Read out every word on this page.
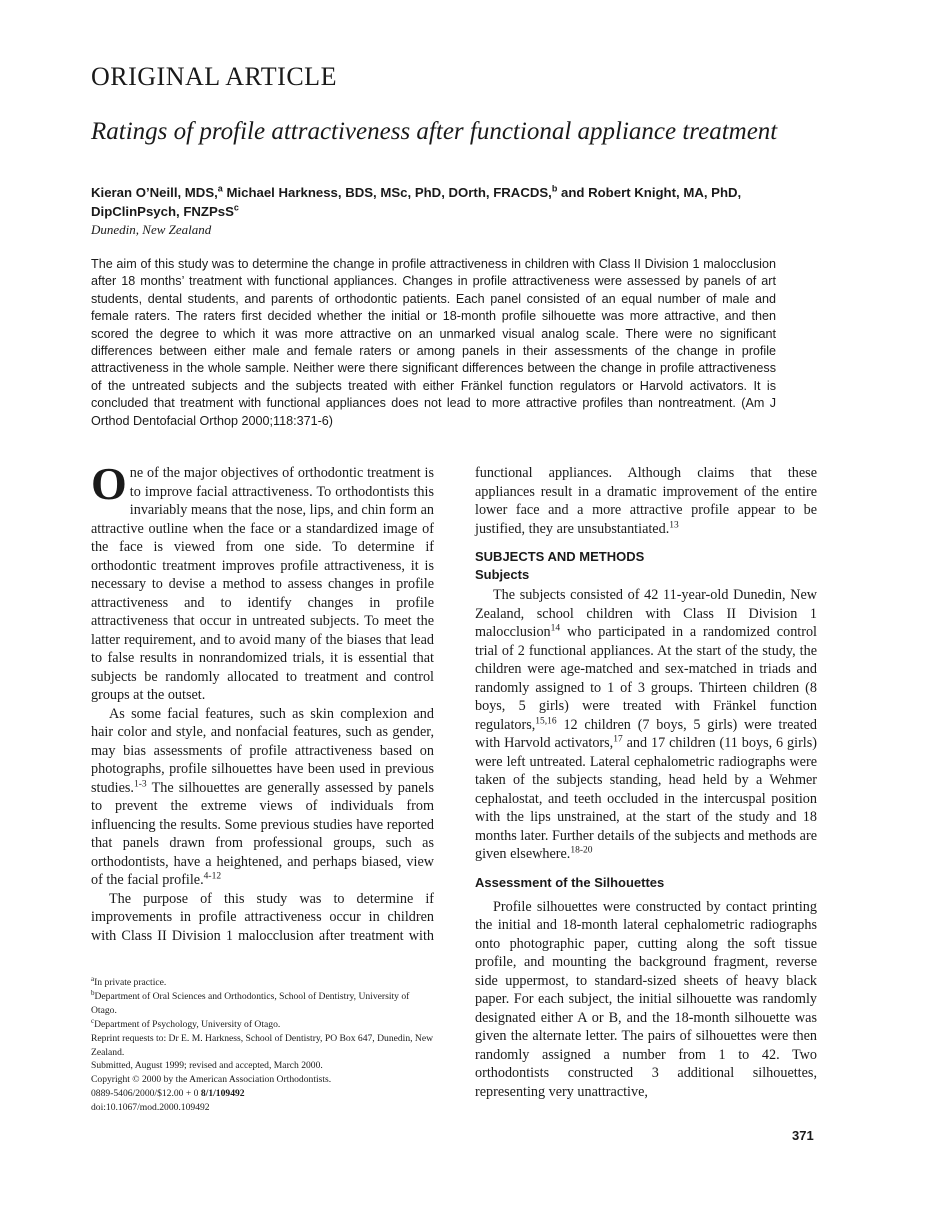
ORIGINAL ARTICLE
Ratings of profile attractiveness after functional appliance treatment
Kieran O’Neill, MDS,$^a$ Michael Harkness, BDS, MSc, PhD, DOrth, FRACDS,$^b$ and Robert Knight, MA, PhD,
DipClinPsych, FNZPsS$^c$
Dunedin, New Zealand
The aim of this study was to determine the change in profile attractiveness in children with Class II Division 1 malocclusion after 18 months’ treatment with functional appliances. Changes in profile attractiveness were assessed by panels of art students, dental students, and parents of orthodontic patients. Each panel consisted of an equal number of male and female raters. The raters first decided whether the initial or 18-month profile silhouette was more attractive, and then scored the degree to which it was more attractive on an unmarked visual analog scale. There were no significant differences between either male and female raters or among panels in their assessments of the change in profile attractiveness in the whole sample. Neither were there significant differences between the change in profile attractiveness of the untreated subjects and the subjects treated with either Fränkel function regulators or Harvold activators. It is concluded that treatment with functional appliances does not lead to more attractive profiles than nontreatment. (Am J Orthod Dentofacial Orthop 2000;118:371-6)

One of the major objectives of orthodontic treatment is to improve facial attractiveness. To orthodontists this invariably means that the nose, lips, and chin form an attractive outline when the face or a standardized image of the face is viewed from one side. To determine if orthodontic treatment improves profile attractiveness, it is necessary to devise a method to assess changes in profile attractiveness and to identify changes in profile attractiveness that occur in untreated subjects. To meet the latter requirement, and to avoid many of the biases that lead to false results in nonrandomized trials, it is essential that subjects be randomly allocated to treatment and control groups at the outset.

As some facial features, such as skin complexion and hair color and style, and nonfacial features, such as gender, may bias assessments of profile attractiveness based on photographs, profile silhouettes have been used in previous studies.$^{1-3}$ The silhouettes are generally assessed by panels to prevent the extreme views of individuals from influencing the results. Some previous studies have reported that panels drawn from professional groups, such as orthodontists, have a heightened, and perhaps biased, view of the facial profile.$^{4-12}$

The purpose of this study was to determine if improvements in profile attractiveness occur in children with Class II Division 1 malocclusion after treatment with

functional appliances. Although claims that these appliances result in a dramatic improvement of the entire lower face and a more attractive profile appear to be justified, they are unsubstantiated.$^{13}$

SUBJECTS AND METHODS
Subjects

The subjects consisted of 42 11-year-old Dunedin, New Zealand, school children with Class II Division 1 malocclusion$^{14}$ who participated in a randomized control trial of 2 functional appliances. At the start of the study, the children were age-matched and sex-matched in triads and randomly assigned to 1 of 3 groups. Thirteen children (8 boys, 5 girls) were treated with Fränkel function regulators,$^{15,16}$ 12 children (7 boys, 5 girls) were treated with Harvold activators,$^{17}$ and 17 children (11 boys, 6 girls) were left untreated. Lateral cephalometric radiographs were taken of the subjects standing, head held by a Wehmer cephalostat, and teeth occluded in the intercuspal position with the lips unstrained, at the start of the study and 18 months later. Further details of the subjects and methods are given elsewhere.$^{18-20}$

Assessment of the Silhouettes

Profile silhouettes were constructed by contact printing the initial and 18-month lateral cephalometric radiographs onto photographic paper, cutting along the soft tissue profile, and mounting the background fragment, reverse side uppermost, to standard-sized sheets of heavy black paper. For each subject, the initial silhouette was randomly designated either A or B, and the 18-month silhouette was given the alternate letter. The pairs of silhouettes were then randomly assigned a number from 1 to 42. Two orthodontists constructed 3 additional silhouettes, representing very unattractive,

$^a$In private practice.
$^b$Department of Oral Sciences and Orthodontics, School of Dentistry, University of Otago.
$^c$Department of Psychology, University of Otago.
Reprint requests to: Dr E. M. Harkness, School of Dentistry, PO Box 647, Dunedin, New Zealand.
Submitted, August 1999; revised and accepted, March 2000.
Copyright © 2000 by the American Association Orthodontists.
0889-5406/2000/$12.00 + 0 8/1/109492
doi:10.1067/mod.2000.109492
371
